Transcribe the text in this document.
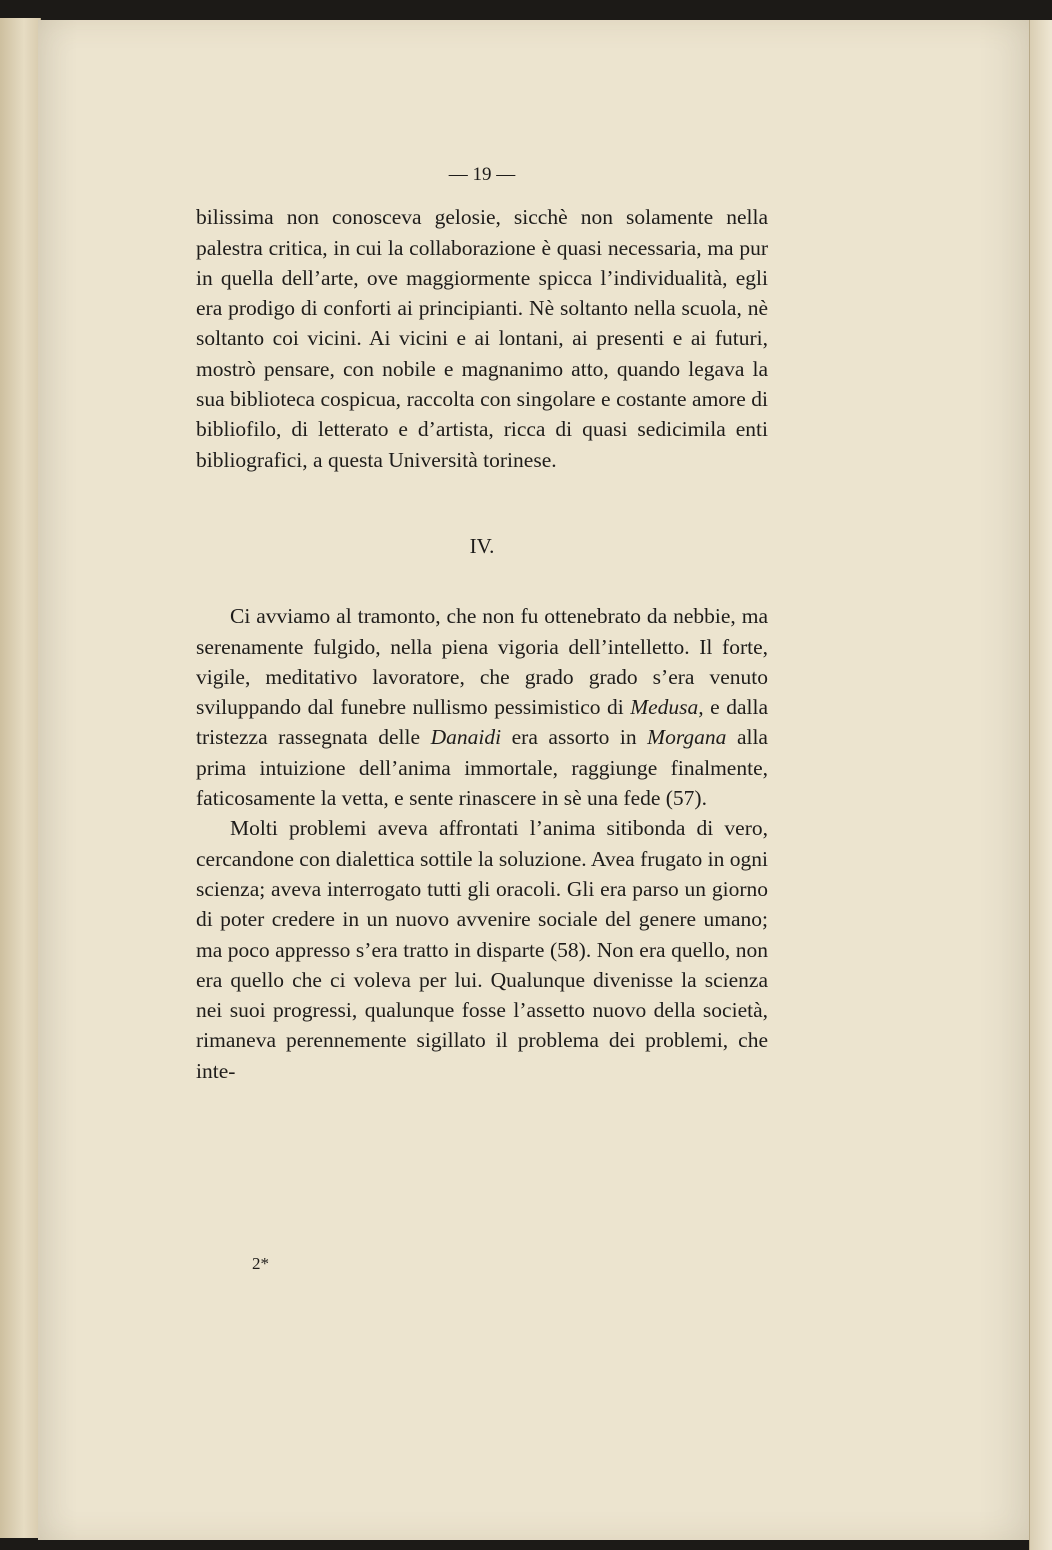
— 19 —

bilissima non conosceva gelosie, sicchè non solamente nella palestra critica, in cui la collaborazione è quasi necessaria, ma pur in quella dell’arte, ove maggiormente spicca l’individualità, egli era prodigo di conforti ai principianti. Nè soltanto nella scuola, nè soltanto coi vicini. Ai vicini e ai lontani, ai presenti e ai futuri, mostrò pensare, con nobile e magnanimo atto, quando legava la sua biblioteca cospicua, raccolta con singolare e costante amore di bibliofilo, di letterato e d’artista, ricca di quasi sedicimila enti bibliografici, a questa Università torinese.

IV.

Ci avviamo al tramonto, che non fu ottenebrato da nebbie, ma serenamente fulgido, nella piena vigoria dell’intelletto. Il forte, vigile, meditativo lavoratore, che grado grado s’era venuto sviluppando dal funebre nullismo pessimistico di Medusa, e dalla tristezza rassegnata delle Danaidi era assorto in Morgana alla prima intuizione dell’anima immortale, raggiunge finalmente, faticosamente la vetta, e sente rinascere in sè una fede (57).

Molti problemi aveva affrontati l’anima sitibonda di vero, cercandone con dialettica sottile la soluzione. Avea frugato in ogni scienza; aveva interrogato tutti gli oracoli. Gli era parso un giorno di poter credere in un nuovo avvenire sociale del genere umano; ma poco appresso s’era tratto in disparte (58). Non era quello, non era quello che ci voleva per lui. Qualunque divenisse la scienza nei suoi progressi, qualunque fosse l’assetto nuovo della società, rimaneva perennemente sigillato il problema dei problemi, che inte-

2*
